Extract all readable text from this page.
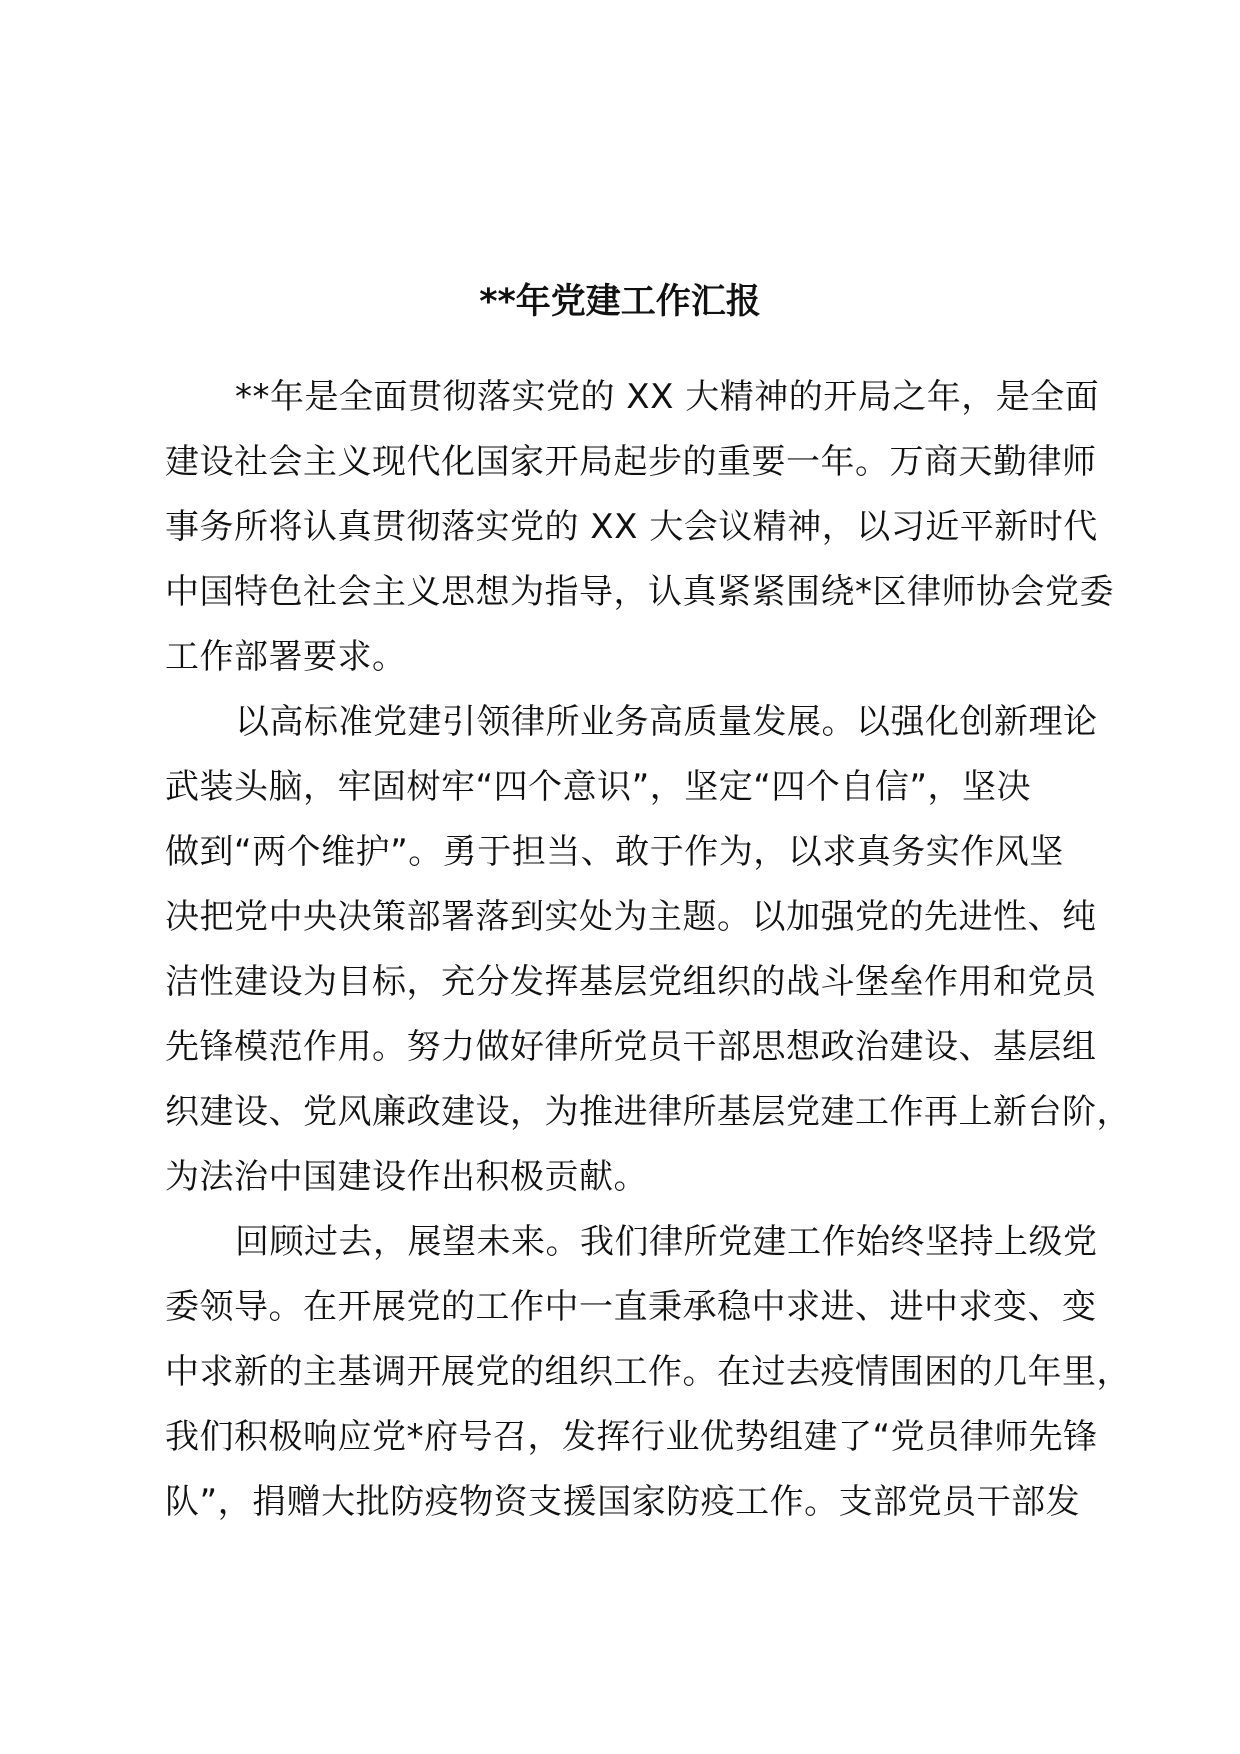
**年党建工作汇报
**年是全面贯彻落实党的 XX 大精神的开局之年，是全面
建设社会主义现代化国家开局起步的重要一年。万商天勤律师
事务所将认真贯彻落实党的 XX 大会议精神，以习近平新时代
中国特色社会主义思想为指导，认真紧紧围绕*区律师协会党委
工作部署要求。
以高标准党建引领律所业务高质量发展。以强化创新理论
武装头脑，牢固树牢“四个意识”，坚定“四个自信”，坚决
做到“两个维护”。勇于担当、敢于作为，以求真务实作风坚
决把党中央决策部署落到实处为主题。以加强党的先进性、纯
洁性建设为目标，充分发挥基层党组织的战斗堡垒作用和党员
先锋模范作用。努力做好律所党员干部思想政治建设、基层组
织建设、党风廉政建设，为推进律所基层党建工作再上新台阶，
为法治中国建设作出积极贡献。
回顾过去，展望未来。我们律所党建工作始终坚持上级党
委领导。在开展党的工作中一直秉承稳中求进、进中求变、变
中求新的主基调开展党的组织工作。在过去疫情围困的几年里，
我们积极响应党*府号召，发挥行业优势组建了“党员律师先锋
队”，捐赠大批防疫物资支援国家防疫工作。支部党员干部发
